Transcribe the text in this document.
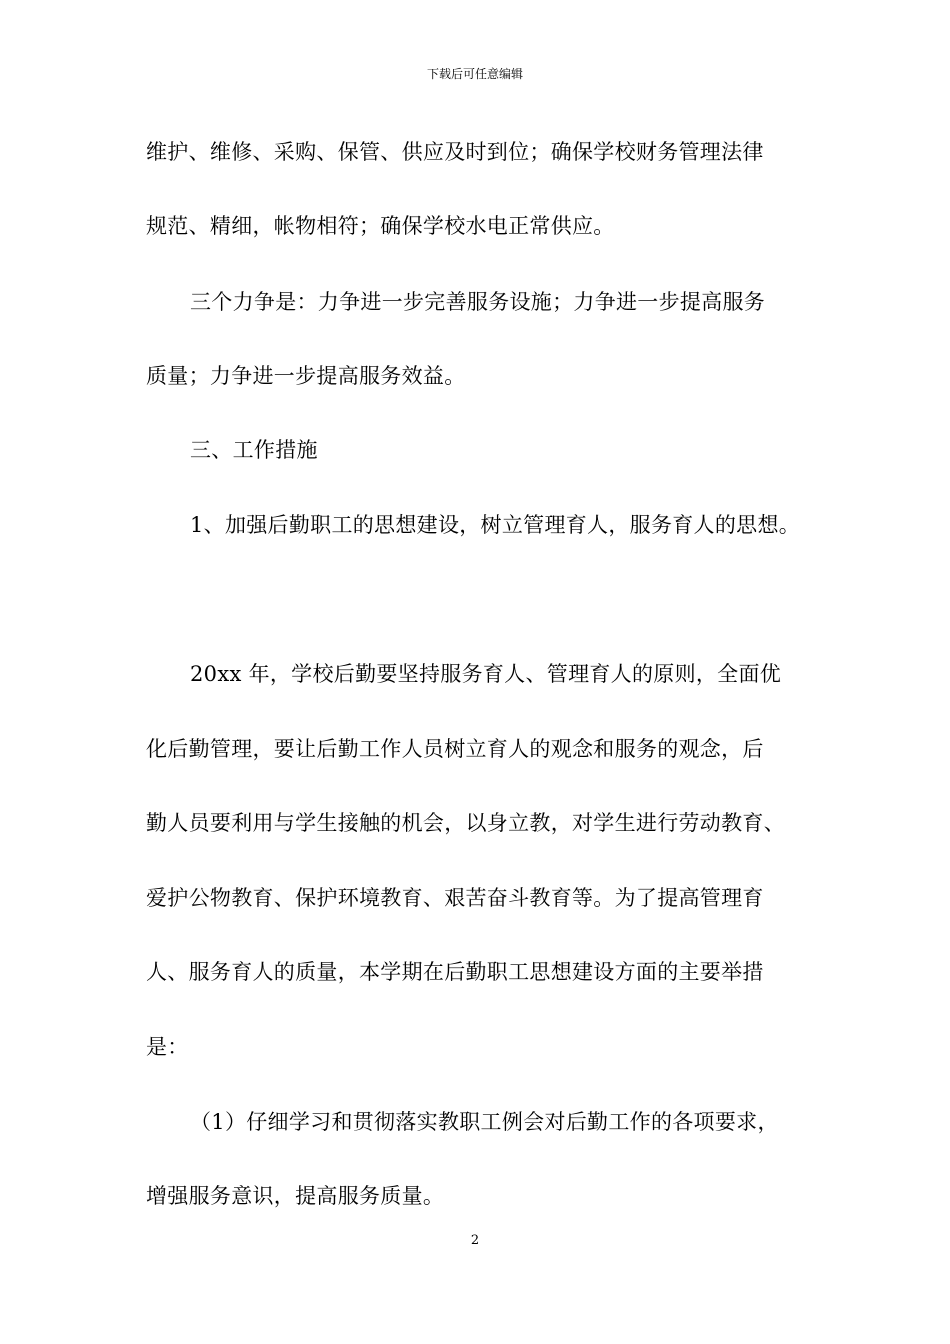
下载后可任意编辑
维护、维修、采购、保管、供应及时到位；确保学校财务管理法律
规范、精细，帐物相符；确保学校水电正常供应。
三个力争是：力争进一步完善服务设施；力争进一步提高服务
质量；力争进一步提高服务效益。
三、工作措施
1、加强后勤职工的思想建设，树立管理育人，服务育人的思想。
20xx 年，学校后勤要坚持服务育人、管理育人的原则，全面优
化后勤管理，要让后勤工作人员树立育人的观念和服务的观念，后
勤人员要利用与学生接触的机会，以身立教，对学生进行劳动教育、
爱护公物教育、保护环境教育、艰苦奋斗教育等。为了提高管理育
人、服务育人的质量，本学期在后勤职工思想建设方面的主要举措
是：
（1）仔细学习和贯彻落实教职工例会对后勤工作的各项要求，
增强服务意识，提高服务质量。
2
